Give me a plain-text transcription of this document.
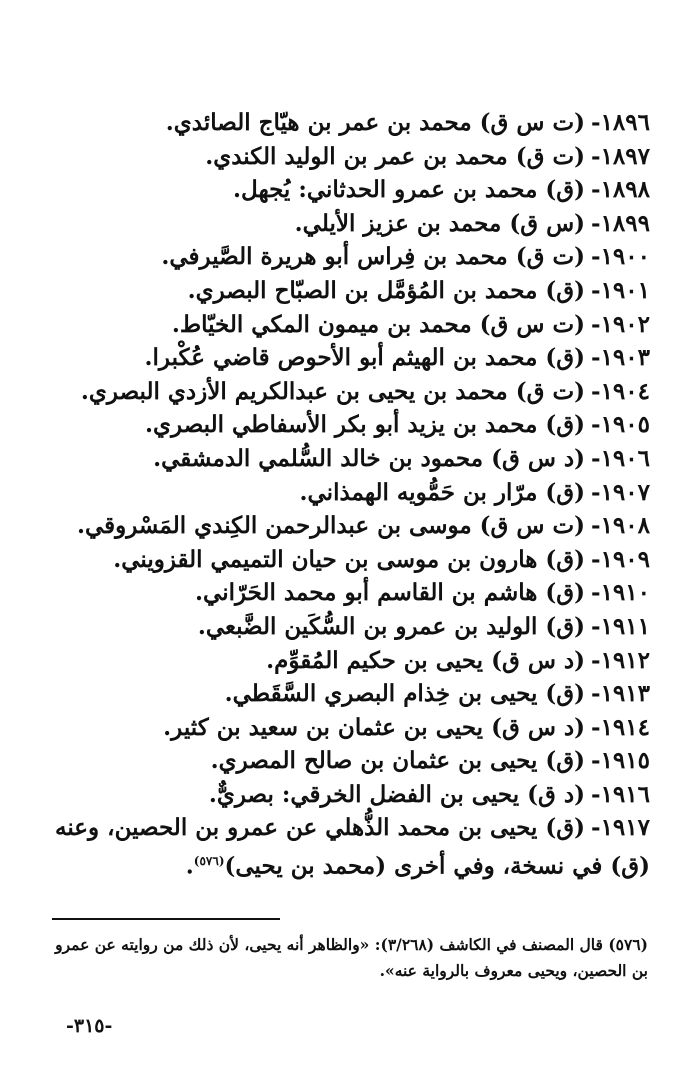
١٨٩٦-(ت س ق) محمد بن عمر بن هيّاج الصائدي.
١٨٩٧-(ت ق) محمد بن عمر بن الوليد الكندي.
١٨٩٨-(ق) محمد بن عمرو الحدثاني: يُجهل.
١٨٩٩-(س ق) محمد بن عزيز الأيلي.
١٩٠٠-(ت ق) محمد بن فِراس أبو هريرة الصَّيرفي.
١٩٠١-(ق) محمد بن المُؤمَّل بن الصبّاح البصري.
١٩٠٢-(ت س ق) محمد بن ميمون المكي الخيّاط.
١٩٠٣-(ق) محمد بن الهيثم أبو الأحوص قاضي عُكْبرا.
١٩٠٤-(ت ق) محمد بن يحيى بن عبدالكريم الأزدي البصري.
١٩٠٥-(ق) محمد بن يزيد أبو بكر الأسفاطي البصري.
١٩٠٦-(د س ق) محمود بن خالد السُّلمي الدمشقي.
١٩٠٧-(ق) مرّار بن حَمُّويه الهمذاني.
١٩٠٨-(ت س ق) موسى بن عبدالرحمن الكِندي المَسْروقي.
١٩٠٩-(ق) هارون بن موسى بن حيان التميمي القزويني.
١٩١٠-(ق) هاشم بن القاسم أبو محمد الحَرّاني.
١٩١١-(ق) الوليد بن عمرو بن السُّكَين الضَّبعي.
١٩١٢-(د س ق) يحيى بن حكيم المُقوِّم.
١٩١٣-(ق) يحيى بن خِذام البصري السَّقَطي.
١٩١٤-(د س ق) يحيى بن عثمان بن سعيد بن كثير.
١٩١٥-(ق) يحيى بن عثمان بن صالح المصري.
١٩١٦-(د ق) يحيى بن الفضل الخرقي: بصريٌّ.
١٩١٧-(ق) يحيى بن محمد الذُّهلي عن عمرو بن الحصين، وعنه
(ق) في نسخة، وفي أخرى (محمد بن يحيى)$^{(٥٧٦)}$.
(٥٧٦) قال المصنف في الكاشف (٣/٢٦٨): «والظاهر أنه يحيى، لأن ذلك من روايته عن عمرو بن الحصين، ويحيى معروف بالرواية عنه».
-٣١٥-
